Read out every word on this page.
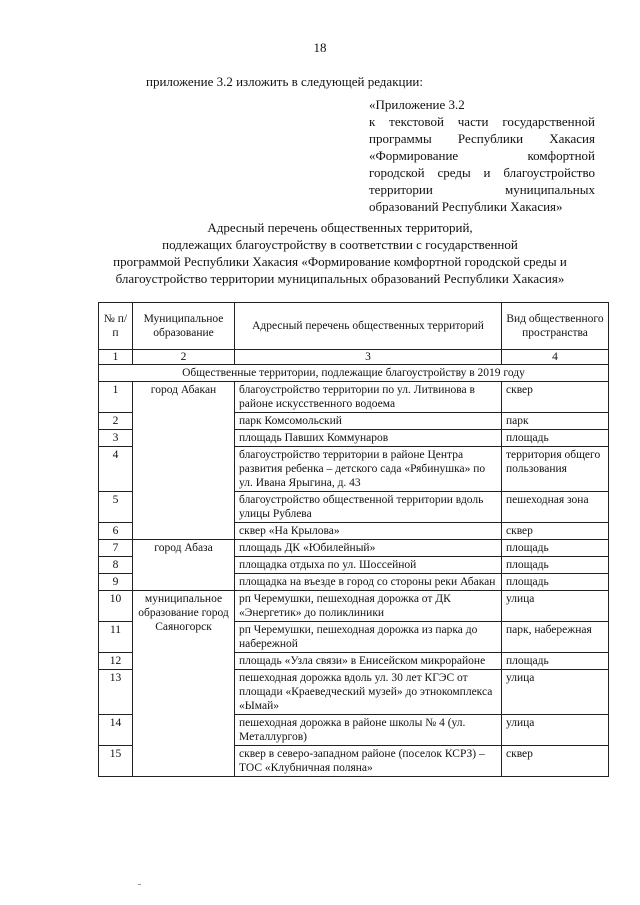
18
приложение 3.2 изложить в следующей редакции:
«Приложение 3.2
к текстовой части государственной
программы Республики Хакасия
«Формирование комфортной
городской среды и благоустройство
территории муниципальных
образований Республики Хакасия»
Адресный перечень общественных территорий,
подлежащих благоустройству в соответствии с государственной
программой Республики Хакасия «Формирование комфортной городской среды и
благоустройство территории муниципальных образований Республики Хакасия»
№ п/п	Муниципальное образование	Адресный перечень общественных территорий	Вид общественного пространства
1	2	3	4
Общественные территории, подлежащие благоустройству в 2019 году			
1	город Абакан	благоустройство территории по ул. Литвинова в районе искусственного водоема	сквер
2		парк Комсомольский	парк
3		площадь Павших Коммунаров	площадь
4		благоустройство территории в районе Центра развития ребенка – детского сада «Рябинушка» по ул. Ивана Ярыгина, д. 43	территория общего пользования
5		благоустройство общественной территории вдоль улицы Рублева	пешеходная зона
6		сквер «На Крылова»	сквер
7	город Абаза	площадь ДК «Юбилейный»	площадь
8		площадка отдыха по ул. Шоссейной	площадь
9		площадка на въезде в город со стороны реки Абакан	площадь
10	муниципальное образование город Саяногорск	рп Черемушки, пешеходная дорожка от ДК «Энергетик» до поликлиники	улица
11		рп Черемушки, пешеходная дорожка из парка до набережной	парк, набережная
12		площадь «Узла связи» в Енисейском микрорайоне	площадь
13		пешеходная дорожка вдоль ул. 30 лет КГЭС от площади «Краеведческий музей» до этнокомплекса «Ымай»	улица
14		пешеходная дорожка в районе школы № 4 (ул. Металлургов)	улица
15		сквер в северо-западном районе (поселок КСРЗ) – ТОС «Клубничная поляна»	сквер
